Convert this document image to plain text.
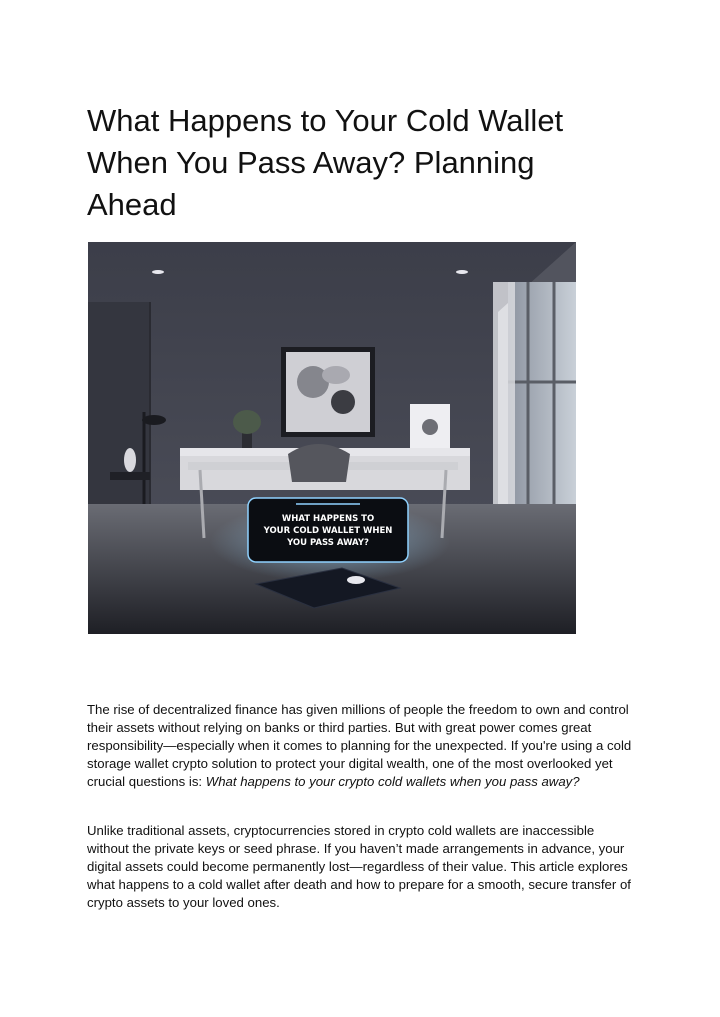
What Happens to Your Cold Wallet When You Pass Away? Planning Ahead
WHAT HAPPENS TO
YOUR COLD WALLET WHEN
YOU PASS AWAY?

The rise of decentralized finance has given millions of people the freedom to own and control their assets without relying on banks or third parties. But with great power comes great responsibility—especially when it comes to planning for the unexpected. If you're using a cold storage wallet crypto solution to protect your digital wealth, one of the most overlooked yet crucial questions is: What happens to your crypto cold wallets when you pass away?

Unlike traditional assets, cryptocurrencies stored in crypto cold wallets are inaccessible without the private keys or seed phrase. If you haven’t made arrangements in advance, your digital assets could become permanently lost—regardless of their value. This article explores what happens to a cold wallet after death and how to prepare for a smooth, secure transfer of crypto assets to your loved ones.
